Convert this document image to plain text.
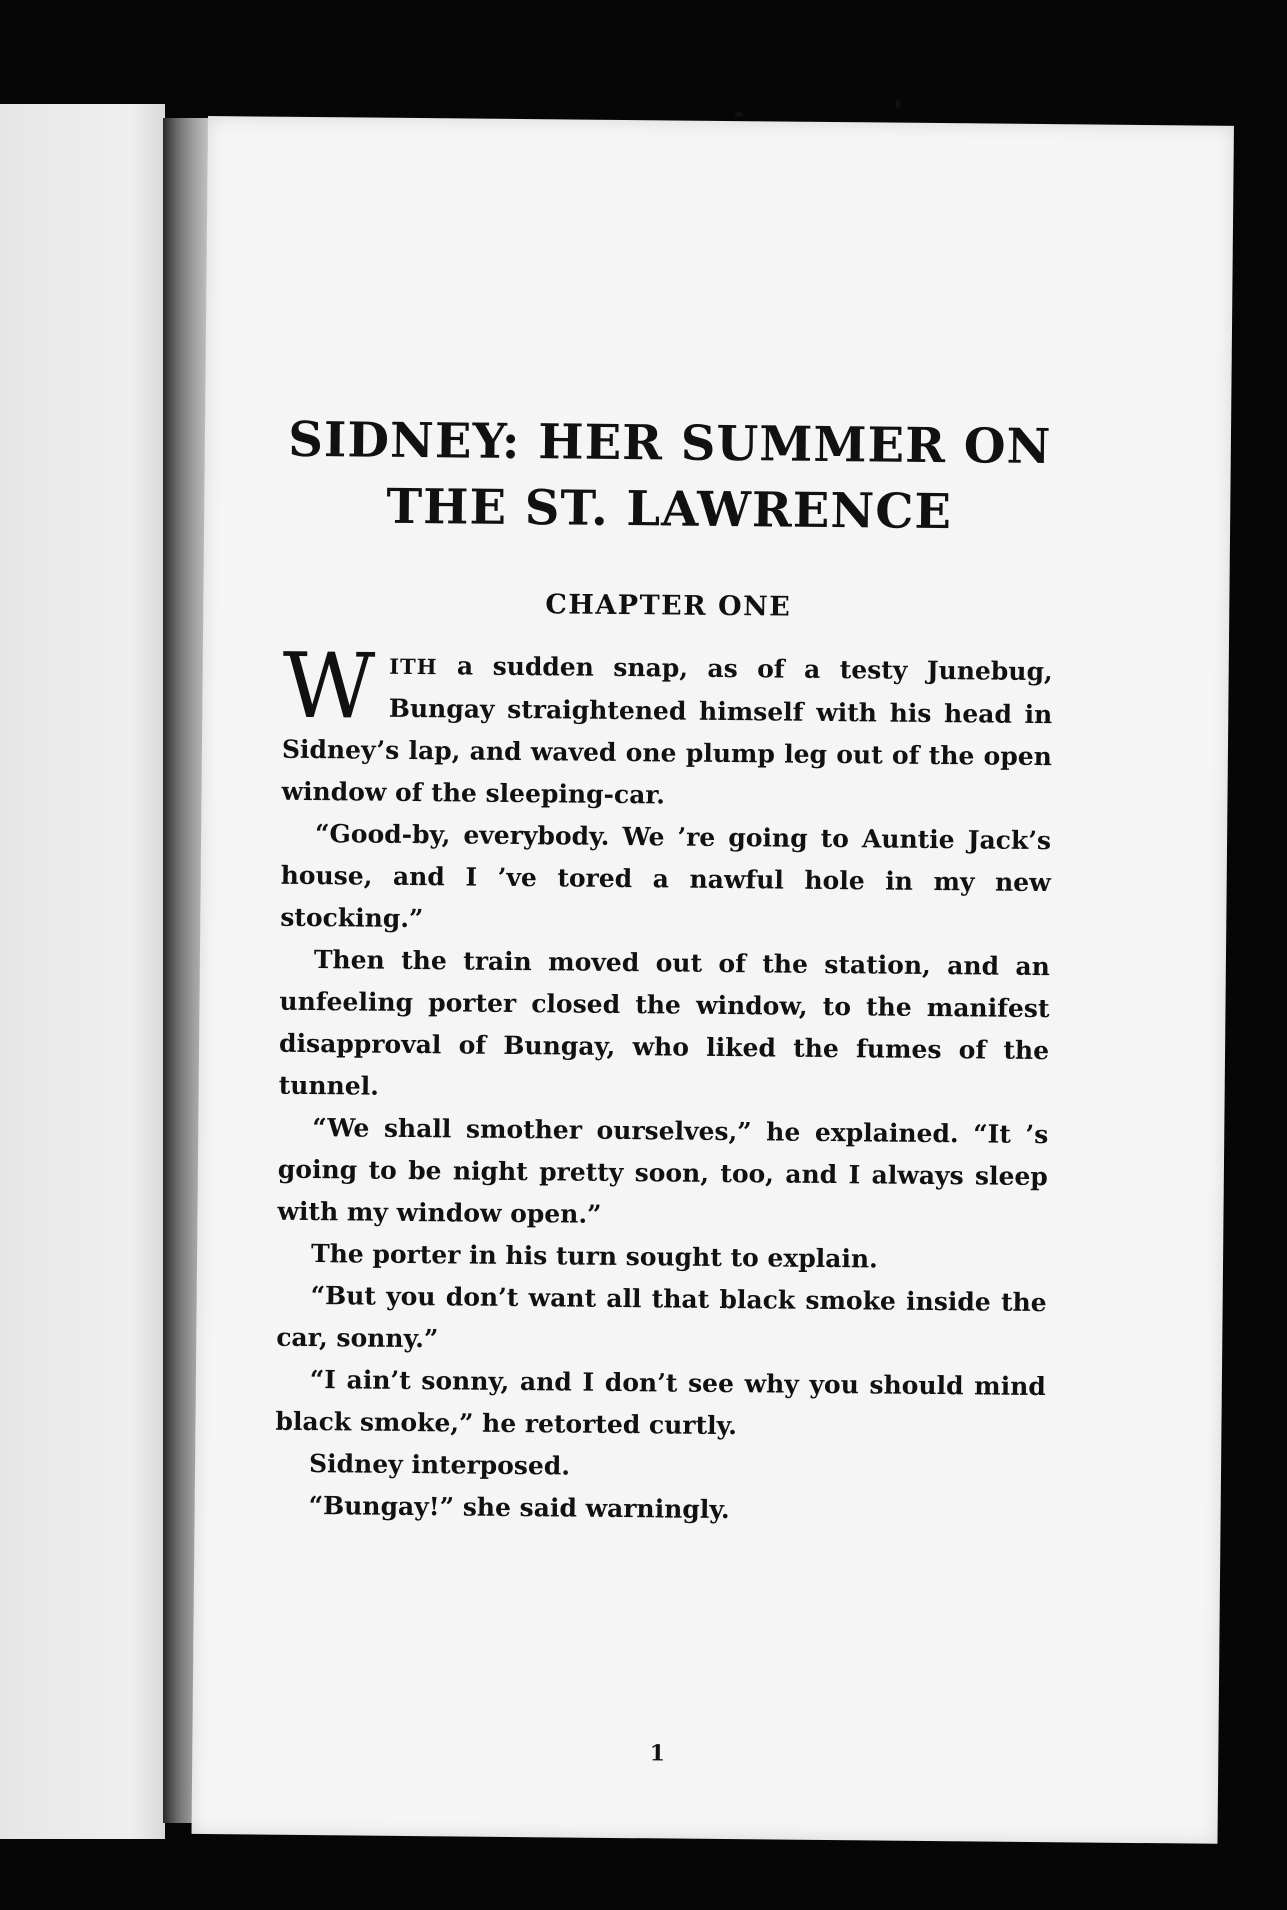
SIDNEY: HER SUMMER ON
THE ST. LAWRENCE
CHAPTER ONE

WITH a sudden snap, as of a testy Junebug, Bungay straightened himself with his head in Sidney’s lap, and waved one plump leg out of the open window of the sleeping-car.

“Good-by, everybody. We ’re going to Auntie Jack’s house, and I ’ve tored a nawful hole in my new stocking.”

Then the train moved out of the station, and an unfeeling porter closed the window, to the manifest disapproval of Bungay, who liked the fumes of the tunnel.

“We shall smother ourselves,” he explained. “It ’s going to be night pretty soon, too, and I always sleep with my window open.”

The porter in his turn sought to explain.

“But you don’t want all that black smoke inside the car, sonny.”

“I ain’t sonny, and I don’t see why you should mind black smoke,” he retorted curtly.

Sidney interposed.

“Bungay!” she said warningly.

1
